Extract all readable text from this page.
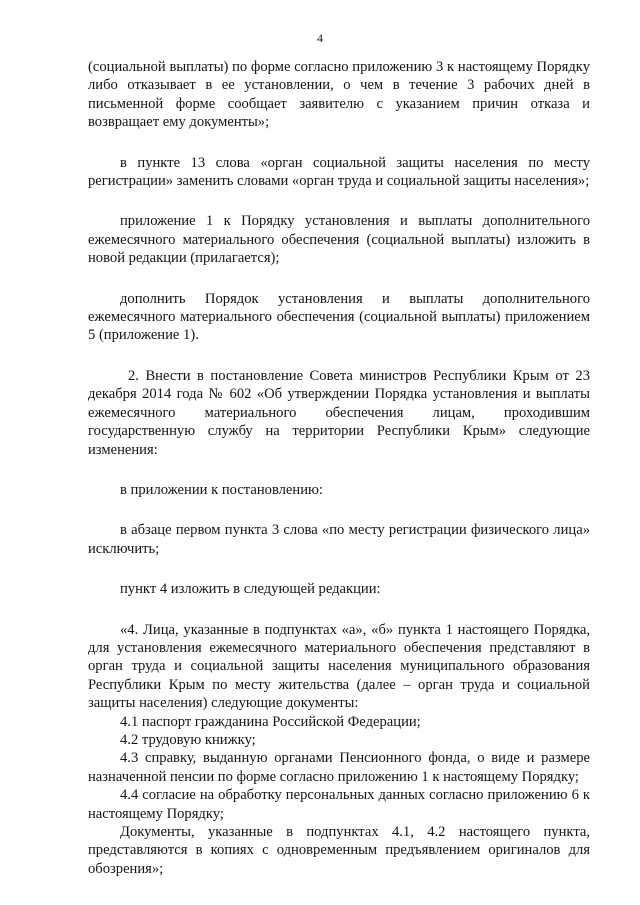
4

(социальной выплаты) по форме согласно приложению 3 к настоящему Порядку либо отказывает в ее установлении, о чем в течение 3 рабочих дней в письменной форме сообщает заявителю с указанием причин отказа и возвращает ему документы»;

в пункте 13 слова «орган социальной защиты населения по месту регистрации» заменить словами «орган труда и социальной защиты населения»;

приложение 1 к Порядку установления и выплаты дополнительного ежемесячного материального обеспечения (социальной выплаты) изложить в новой редакции (прилагается);

дополнить Порядок установления и выплаты дополнительного ежемесячного материального обеспечения (социальной выплаты) приложением 5 (приложение 1).

2. Внести в постановление Совета министров Республики Крым от 23 декабря 2014 года № 602 «Об утверждении Порядка установления и выплаты ежемесячного материального обеспечения лицам, проходившим государственную службу на территории Республики Крым» следующие изменения:

в приложении к постановлению:

в абзаце первом пункта 3 слова «по месту регистрации физического лица» исключить;

пункт 4 изложить в следующей редакции:

«4. Лица, указанные в подпунктах «а», «б» пункта 1 настоящего Порядка, для установления ежемесячного материального обеспечения представляют в орган труда и социальной защиты населения муниципального образования Республики Крым по месту жительства (далее – орган труда и социальной защиты населения) следующие документы:

4.1 паспорт гражданина Российской Федерации;

4.2 трудовую книжку;

4.3 справку, выданную органами Пенсионного фонда, о виде и размере назначенной пенсии по форме согласно приложению 1 к настоящему Порядку;

4.4 согласие на обработку персональных данных согласно приложению 6 к настоящему Порядку;

Документы, указанные в подпунктах 4.1, 4.2 настоящего пункта, представляются в копиях с одновременным предъявлением оригиналов для обозрения»;
